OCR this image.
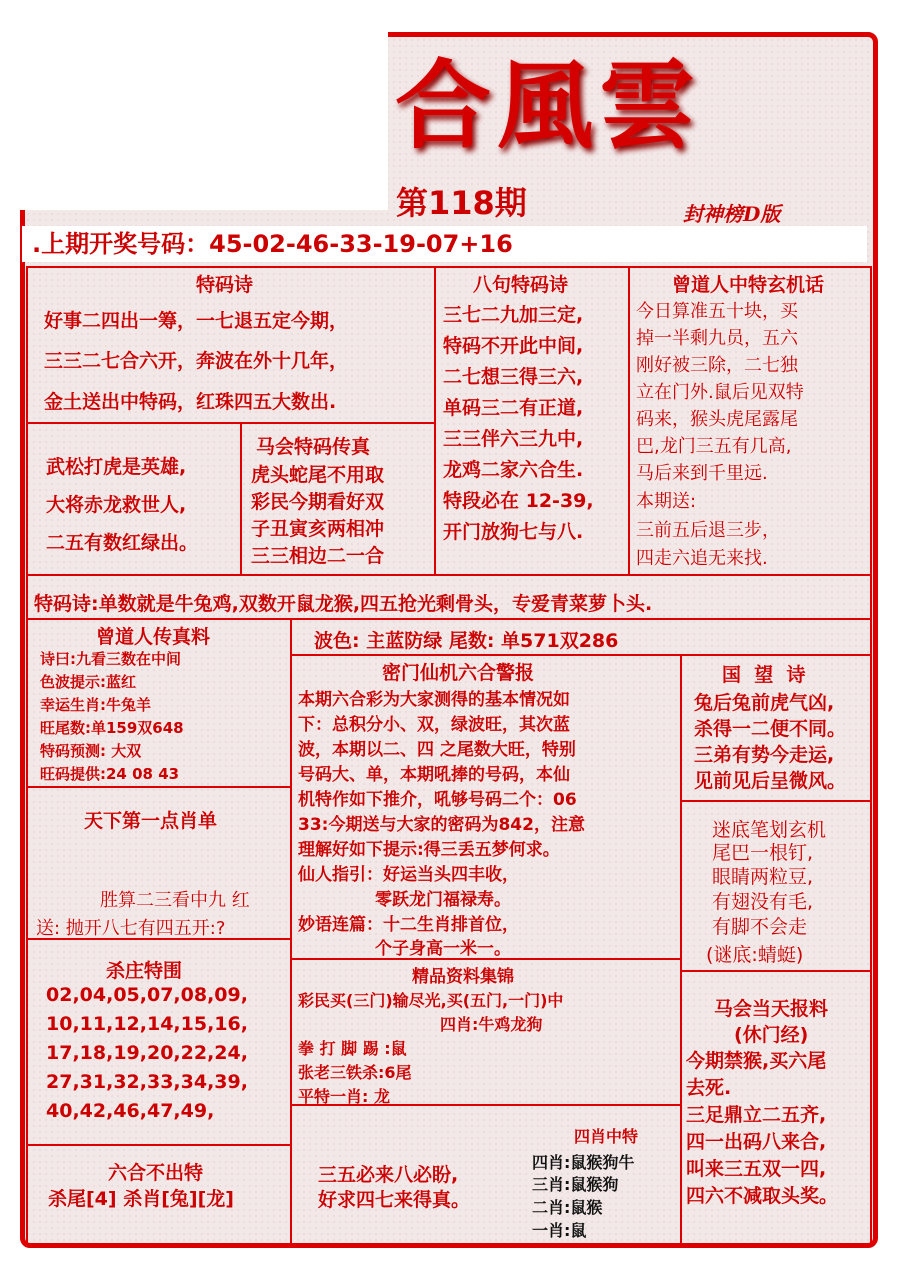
合風雲
第118期	封神榜D版
.上期开奖号码：45-02-46-33-19-07+16
特码诗
好事二四出一筹，一七退五定今期，
三三二七合六开，奔波在外十几年，
金土送出中特码，红珠四五大数出.
八句特码诗
三七二九加三定,
特码不开此中间,
二七想三得三六,
单码三二有正道,
三三伴六三九中,
龙鸡二家六合生.
特段必在 12-39,
开门放狗七与八.
曾道人中特玄机话
今日算准五十块，买
掉一半剩九员，五六
刚好被三除，二七独
立在门外.鼠后见双特
码来，猴头虎尾露尾
巴,龙门三五有几高,
马后来到千里远.
本期送:
三前五后退三步，
四走六追无来找.
武松打虎是英雄,
大将赤龙救世人,
二五有数红绿出。
马会特码传真
虎头蛇尾不用取
彩民今期看好双
子丑寅亥两相冲
三三相边二一合
特码诗:单数就是牛兔鸡,双数开鼠龙猴,四五抢光剩骨头，专爱青菜萝卜头.
曾道人传真料
诗曰:九看三数在中间
色波提示:蓝红
幸运生肖:牛兔羊
旺尾数:单159双648
特码预测: 大双
旺码提供:24 08 43
波色: 主蓝防绿 尾数: 单571双286
密门仙机六合警报
本期六合彩为大家测得的基本情况如
下：总积分小、双，绿波旺，其次蓝
波，本期以二、四 之尾数大旺，特别
号码大、单，本期吼捧的号码，本仙
机特作如下推介，吼够号码二个：06
33:今期送与大家的密码为842，注意
理解好如下提示:得三丢五梦何求。
仙人指引：好运当头四丰收，
零跃龙门福禄寿。
妙语连篇：十二生肖排首位，
个子身高一米一。
国  望  诗
兔后兔前虎气凶,
杀得一二便不同。
三弟有势今走运,
见前见后呈微风。
天下第一点肖单
胜算二三看中九 红
送: 抛开八七有四五开:?
迷底笔划玄机
尾巴一根钉,
眼睛两粒豆,
有翅没有毛,
有脚不会走
(谜底:蜻蜓)
杀庄特围
02,04,05,07,08,09,
10,11,12,14,15,16,
17,18,19,20,22,24,
27,31,32,33,34,39,
40,42,46,47,49,
精品资料集锦
彩民买(三门)输尽光,买(五门,一门)中
四肖:牛鸡龙狗
拳 打 脚 踢 :鼠
张老三铁杀:6尾
平特一肖: 龙
马会当天报料
(休门经)
今期禁猴,买六尾
去死.
三足鼎立二五齐,
四一出码八来合,
叫来三五双一四,
四六不减取头奖。
六合不出特
杀尾[4] 杀肖[兔][龙]
三五必来八必盼,
好求四七来得真。
四肖中特
四肖:鼠猴狗牛
三肖:鼠猴狗
二肖:鼠猴
一肖:鼠
